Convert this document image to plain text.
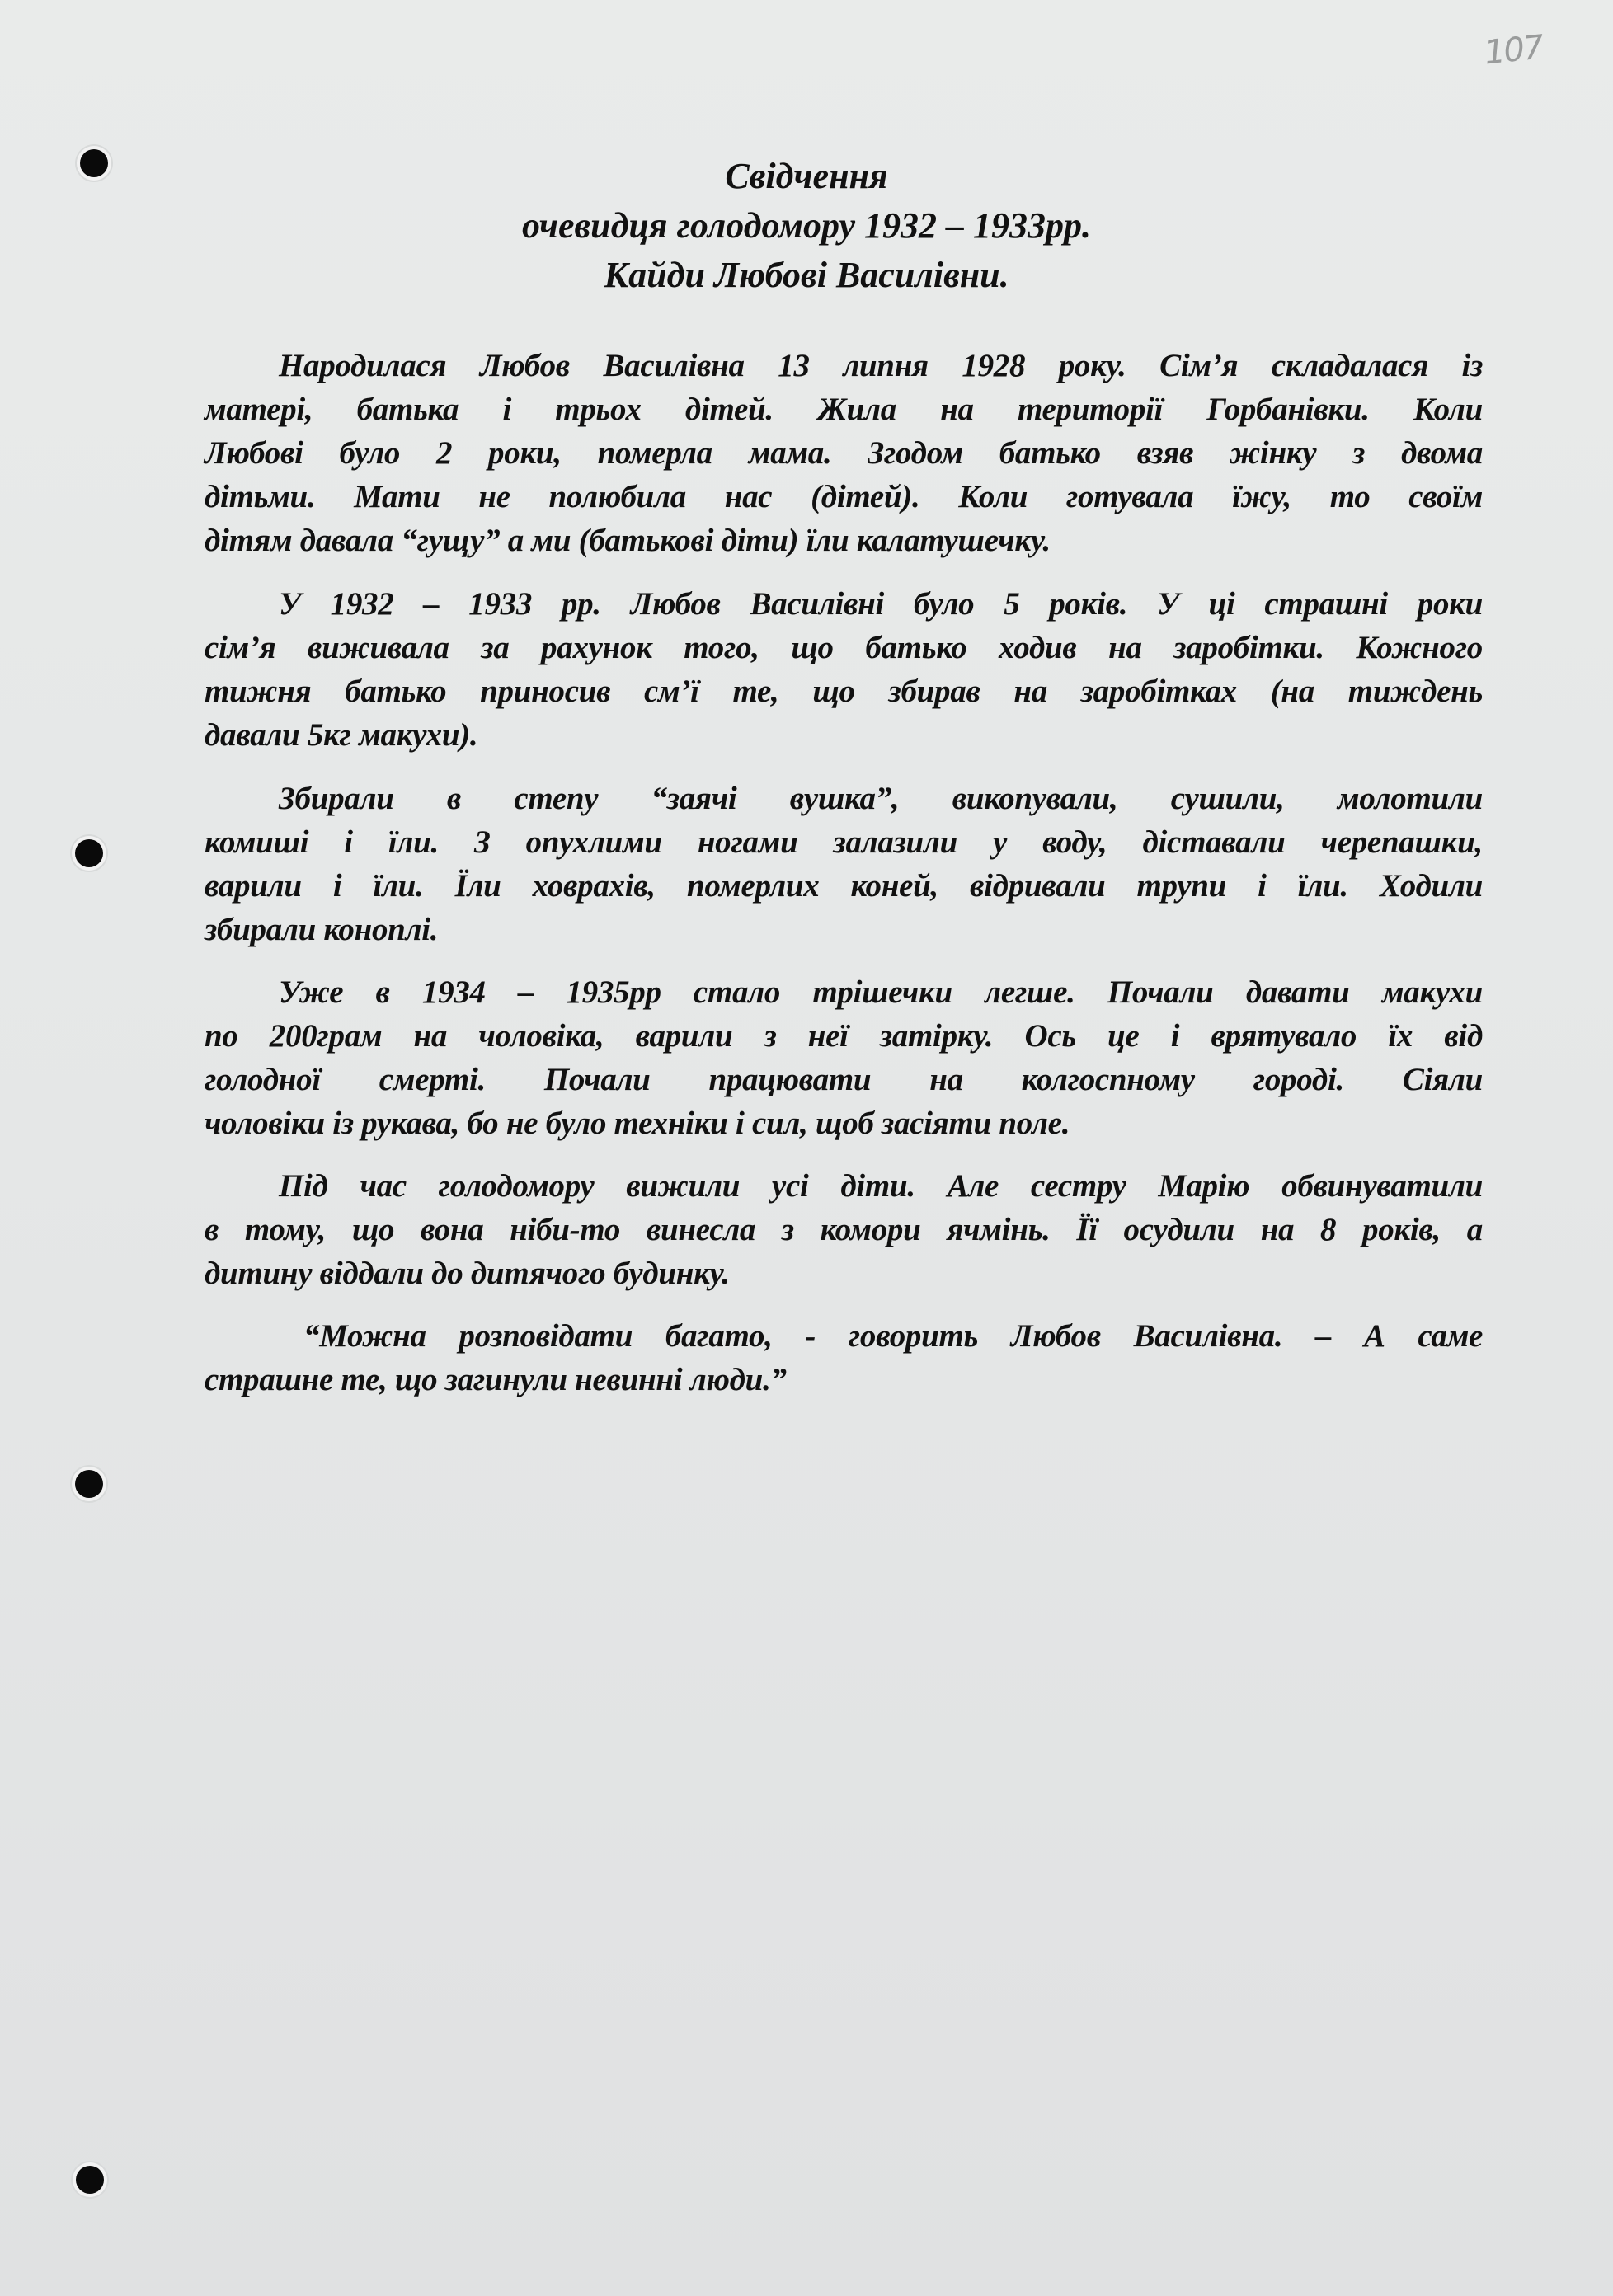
107
Свідчення
очевидця голодомору 1932 – 1933рр.
Кайди Любові Василівни.
Народилася Любов Василівна 13 липня 1928 року. Сім’я складалася із
матері, батька і трьох дітей. Жила на території Горбанівки. Коли
Любові було 2 роки, померла мама. Згодом батько взяв жінку з двома
дітьми. Мати не полюбила нас (дітей). Коли готувала їжу, то своїм
дітям давала “гущу” а ми (батькові діти) їли калатушечку.
У 1932 – 1933 рр. Любов Василівні було 5 років. У ці страшні роки
сім’я виживала за рахунок того, що батько ходив на заробітки. Кожного
тижня батько приносив см’ї те, що збирав на заробітках (на тиждень
давали 5кг макухи).
Збирали в степу “заячі вушка”, викопували, сушили, молотили
комиші і їли. З опухлими ногами залазили у воду, діставали черепашки,
варили і їли. Їли ховрахів, померлих коней, відривали трупи і їли. Ходили
збирали коноплі.
Уже в 1934 – 1935рр стало трішечки легше. Почали давати макухи
по 200грам на чоловіка, варили з неї затірку. Ось це і врятувало їх від
голодної смерті. Почали працювати на колгоспному городі. Сіяли
чоловіки із рукава, бо не було техніки і сил, щоб засіяти поле.
Під час голодомору вижили усі діти. Але сестру Марію обвинуватили
в тому, що вона ніби-то винесла з комори ячмінь. Її осудили на 8 років, а
дитину віддали до дитячого будинку.
“Можна розповідати багато, - говорить Любов Василівна. – А саме
страшне те, що загинули невинні люди.”
